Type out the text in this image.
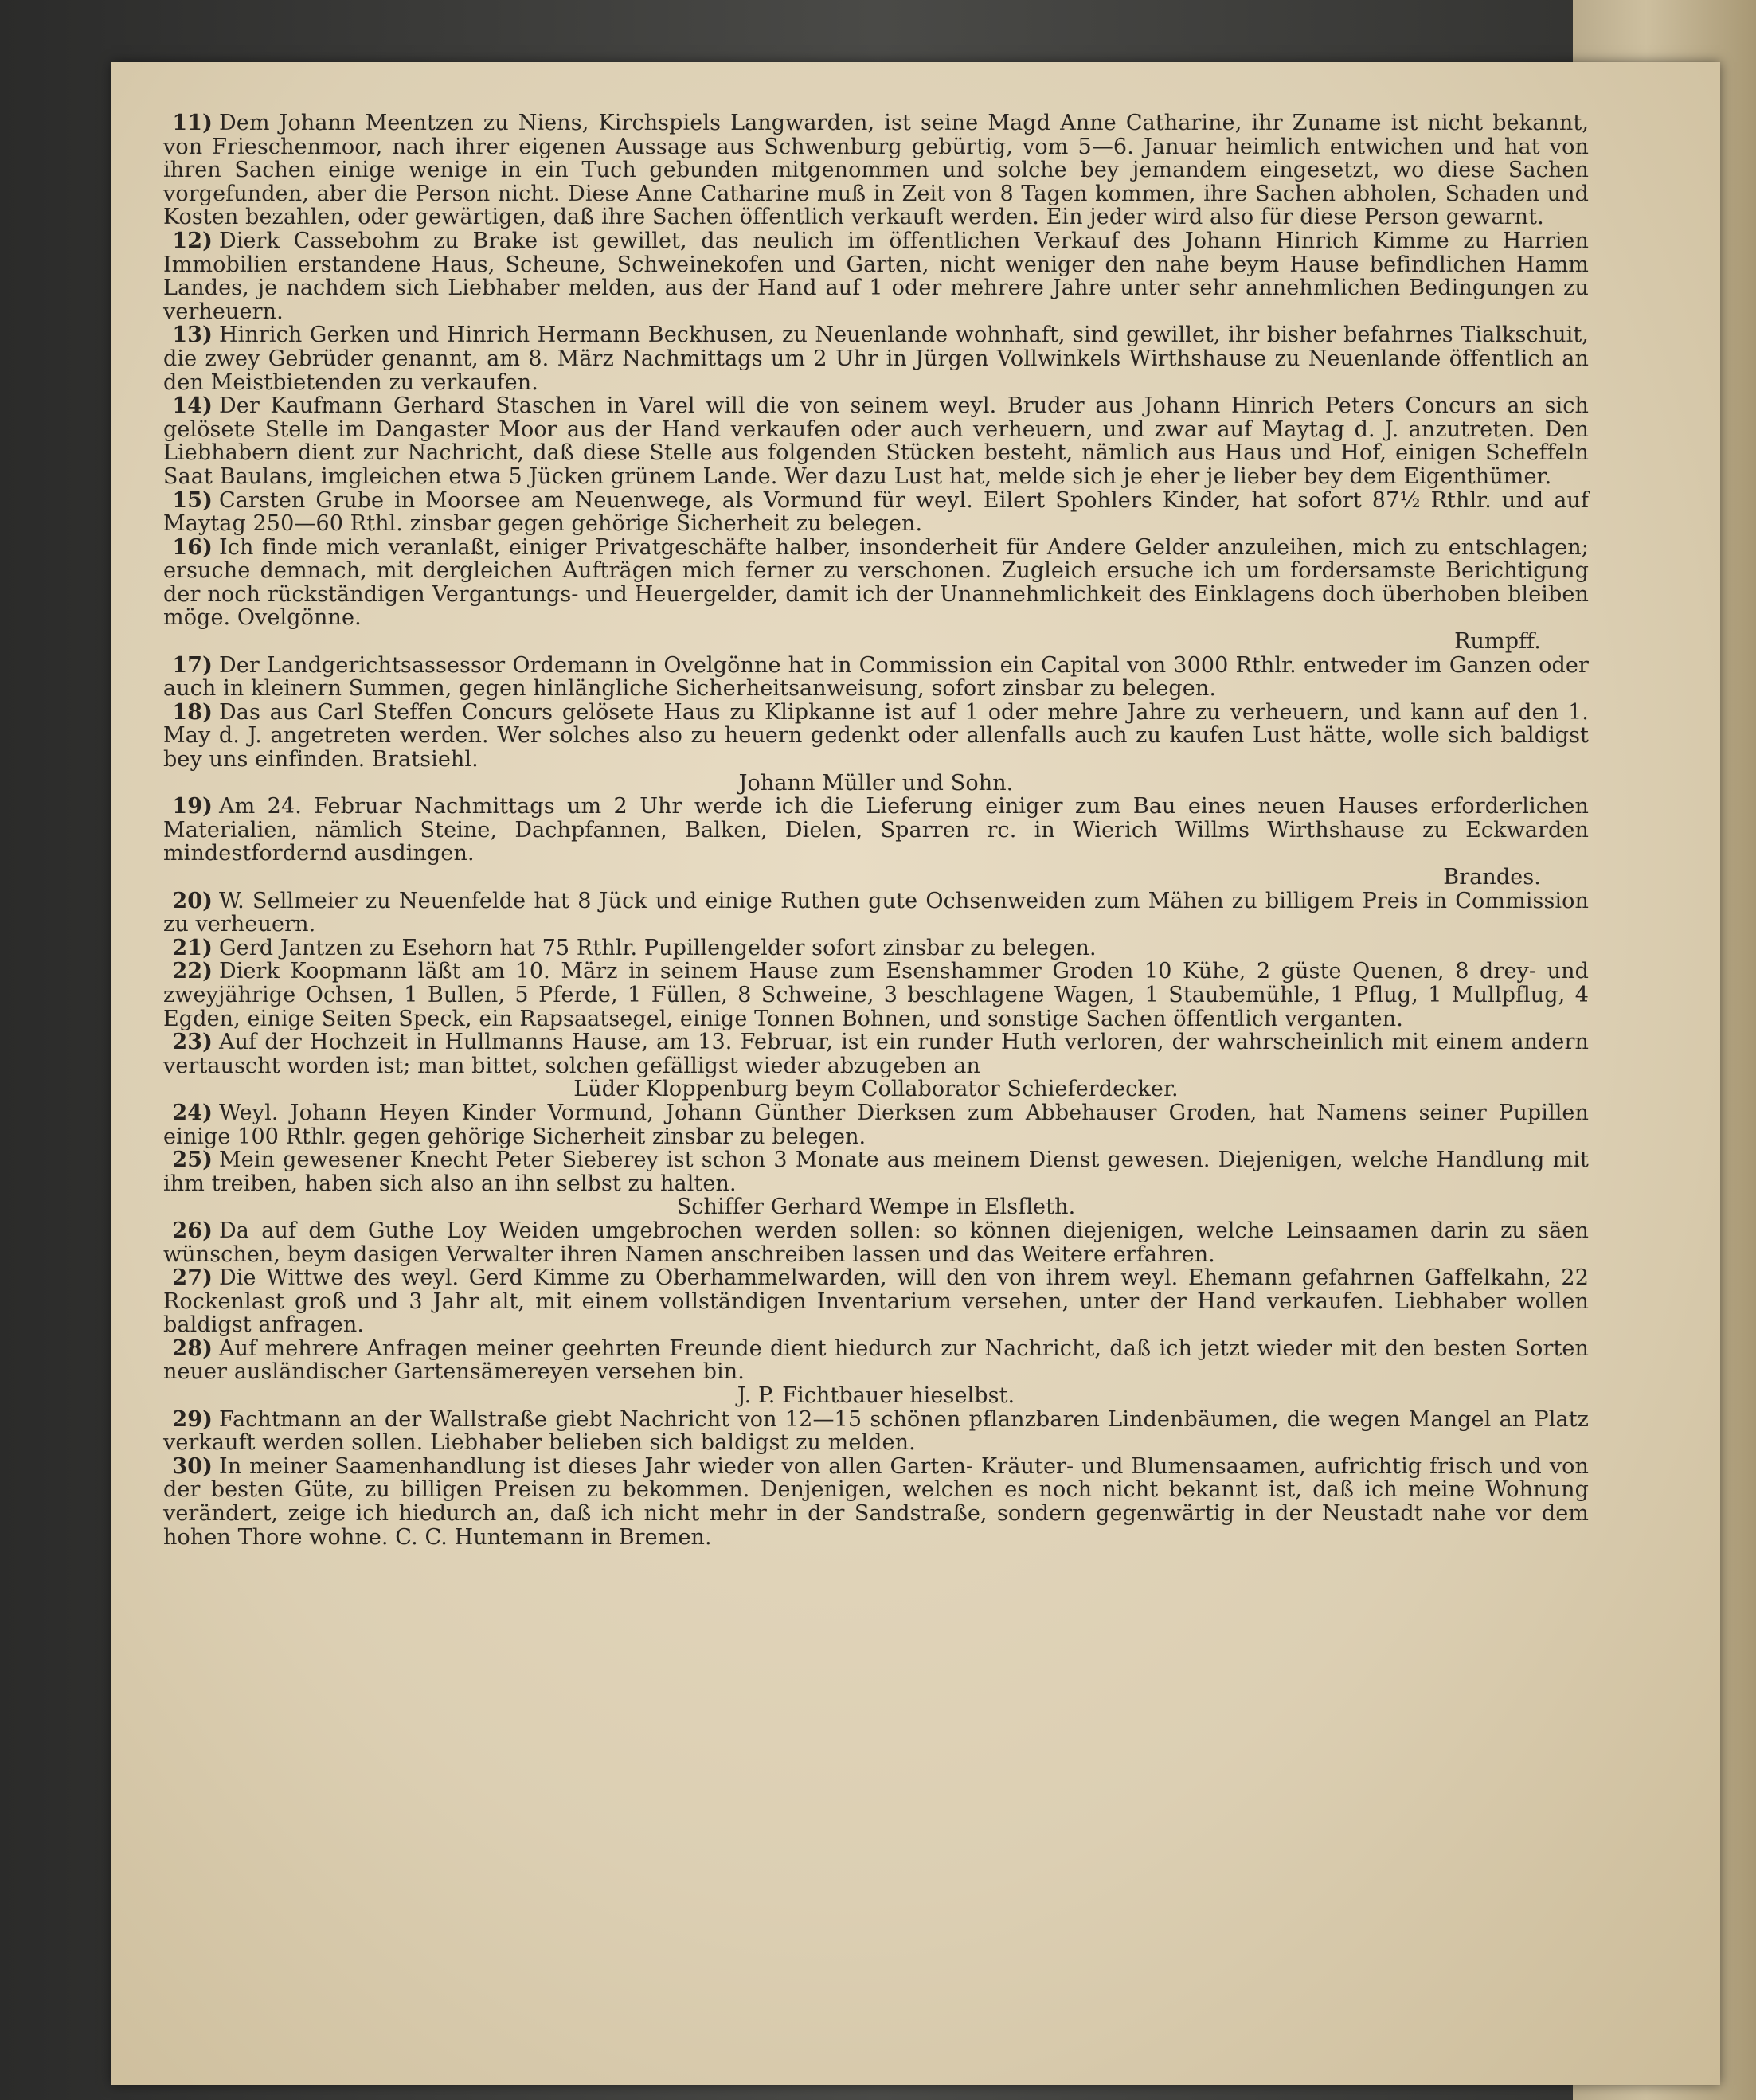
11) Dem Johann Meentzen zu Niens, Kirchspiels Langwarden, ist seine Magd Anne Catharine, ihr Zuname ist nicht bekannt, von Frieschenmoor, nach ihrer eigenen Aussage aus Schwenburg gebürtig, vom 5—6. Januar heimlich entwichen und hat von ihren Sachen einige wenige in ein Tuch gebunden mitgenommen und solche bey jemandem eingesetzt, wo diese Sachen vorgefunden, aber die Person nicht. Diese Anne Catharine muß in Zeit von 8 Tagen kommen, ihre Sachen abholen, Schaden und Kosten bezahlen, oder gewärtigen, daß ihre Sachen öffentlich verkauft werden. Ein jeder wird also für diese Person gewarnt.

12) Dierk Cassebohm zu Brake ist gewillet, das neulich im öffentlichen Verkauf des Johann Hinrich Kimme zu Harrien Immobilien erstandene Haus, Scheune, Schweinekofen und Garten, nicht weniger den nahe beym Hause befindlichen Hamm Landes, je nachdem sich Liebhaber melden, aus der Hand auf 1 oder mehrere Jahre unter sehr annehmlichen Bedingungen zu verheuern.

13) Hinrich Gerken und Hinrich Hermann Beckhusen, zu Neuenlande wohnhaft, sind gewillet, ihr bisher befahrnes Tialkschuit, die zwey Gebrüder genannt, am 8. März Nachmittags um 2 Uhr in Jürgen Vollwinkels Wirthshause zu Neuenlande öffentlich an den Meistbietenden zu verkaufen.

14) Der Kaufmann Gerhard Staschen in Varel will die von seinem weyl. Bruder aus Johann Hinrich Peters Concurs an sich gelösete Stelle im Dangaster Moor aus der Hand verkaufen oder auch verheuern, und zwar auf Maytag d. J. anzutreten. Den Liebhabern dient zur Nachricht, daß diese Stelle aus folgenden Stücken besteht, nämlich aus Haus und Hof, einigen Scheffeln Saat Baulans, imgleichen etwa 5 Jücken grünem Lande. Wer dazu Lust hat, melde sich je eher je lieber bey dem Eigenthümer.

15) Carsten Grube in Moorsee am Neuenwege, als Vormund für weyl. Eilert Spohlers Kinder, hat sofort 87½ Rthlr. und auf Maytag 250—60 Rthl. zinsbar gegen gehörige Sicherheit zu belegen.

16) Ich finde mich veranlaßt, einiger Privatgeschäfte halber, insonderheit für Andere Gelder anzuleihen, mich zu entschlagen; ersuche demnach, mit dergleichen Aufträgen mich ferner zu verschonen. Zugleich ersuche ich um fordersamste Berichtigung der noch rückständigen Vergantungs- und Heuergelder, damit ich der Unannehmlichkeit des Einklagens doch überhoben bleiben möge. Ovelgönne.

Rumpff.

17) Der Landgerichtsassessor Ordemann in Ovelgönne hat in Commission ein Capital von 3000 Rthlr. entweder im Ganzen oder auch in kleinern Summen, gegen hinlängliche Sicherheitsanweisung, sofort zinsbar zu belegen.

18) Das aus Carl Steffen Concurs gelösete Haus zu Klipkanne ist auf 1 oder mehre Jahre zu verheuern, und kann auf den 1. May d. J. angetreten werden. Wer solches also zu heuern gedenkt oder allenfalls auch zu kaufen Lust hätte, wolle sich baldigst bey uns einfinden. Bratsiehl.

Johann Müller und Sohn.

19) Am 24. Februar Nachmittags um 2 Uhr werde ich die Lieferung einiger zum Bau eines neuen Hauses erforderlichen Materialien, nämlich Steine, Dachpfannen, Balken, Dielen, Sparren rc. in Wierich Willms Wirthshause zu Eckwarden mindestfordernd ausdingen.

Brandes.

20) W. Sellmeier zu Neuenfelde hat 8 Jück und einige Ruthen gute Ochsenweiden zum Mähen zu billigem Preis in Commission zu verheuern.

21) Gerd Jantzen zu Esehorn hat 75 Rthlr. Pupillengelder sofort zinsbar zu belegen.

22) Dierk Koopmann läßt am 10. März in seinem Hause zum Esenshammer Groden 10 Kühe, 2 güste Quenen, 8 drey- und zweyjährige Ochsen, 1 Bullen, 5 Pferde, 1 Füllen, 8 Schweine, 3 beschlagene Wagen, 1 Staubemühle, 1 Pflug, 1 Mullpflug, 4 Egden, einige Seiten Speck, ein Rapsaatsegel, einige Tonnen Bohnen, und sonstige Sachen öffentlich verganten.

23) Auf der Hochzeit in Hullmanns Hause, am 13. Februar, ist ein runder Huth verloren, der wahrscheinlich mit einem andern vertauscht worden ist; man bittet, solchen gefälligst wieder abzugeben an

Lüder Kloppenburg beym Collaborator Schieferdecker.

24) Weyl. Johann Heyen Kinder Vormund, Johann Günther Dierksen zum Abbehauser Groden, hat Namens seiner Pupillen einige 100 Rthlr. gegen gehörige Sicherheit zinsbar zu belegen.

25) Mein gewesener Knecht Peter Sieberey ist schon 3 Monate aus meinem Dienst gewesen. Diejenigen, welche Handlung mit ihm treiben, haben sich also an ihn selbst zu halten.

Schiffer Gerhard Wempe in Elsfleth.

26) Da auf dem Guthe Loy Weiden umgebrochen werden sollen: so können diejenigen, welche Leinsaamen darin zu säen wünschen, beym dasigen Verwalter ihren Namen anschreiben lassen und das Weitere erfahren.

27) Die Wittwe des weyl. Gerd Kimme zu Oberhammelwarden, will den von ihrem weyl. Ehemann gefahrnen Gaffelkahn, 22 Rockenlast groß und 3 Jahr alt, mit einem vollständigen Inventarium versehen, unter der Hand verkaufen. Liebhaber wollen baldigst anfragen.

28) Auf mehrere Anfragen meiner geehrten Freunde dient hiedurch zur Nachricht, daß ich jetzt wieder mit den besten Sorten neuer ausländischer Gartensämereyen versehen bin.

J. P. Fichtbauer hieselbst.

29) Fachtmann an der Wallstraße giebt Nachricht von 12—15 schönen pflanzbaren Lindenbäumen, die wegen Mangel an Platz verkauft werden sollen. Liebhaber belieben sich baldigst zu melden.

30) In meiner Saamenhandlung ist dieses Jahr wieder von allen Garten- Kräuter- und Blumensaamen, aufrichtig frisch und von der besten Güte, zu billigen Preisen zu bekommen. Denjenigen, welchen es noch nicht bekannt ist, daß ich meine Wohnung verändert, zeige ich hiedurch an, daß ich nicht mehr in der Sandstraße, sondern gegenwärtig in der Neustadt nahe vor dem hohen Thore wohne. C. C. Huntemann in Bremen.
